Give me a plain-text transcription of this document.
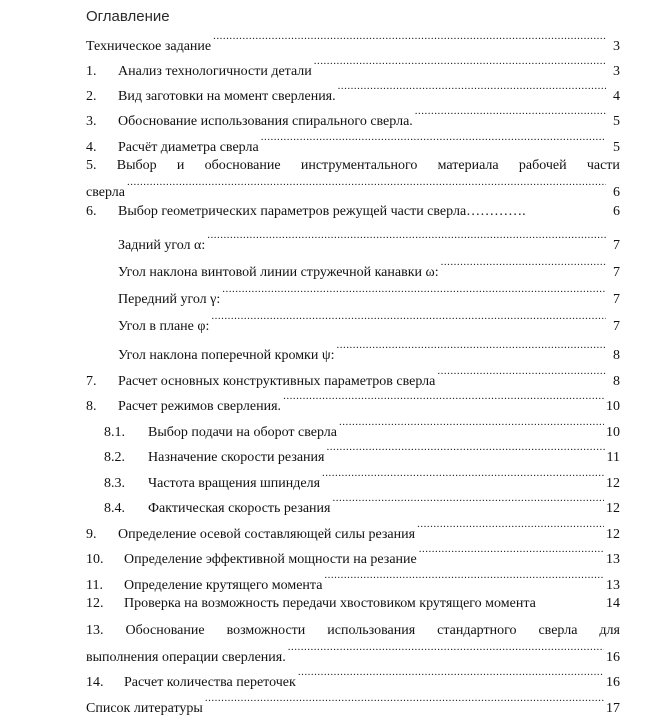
Оглавление
Техническое задание .....	3
1.	Анализ технологичности детали .....	3
2.	Вид заготовки на момент сверления. .....	4
3.	Обоснование использования спирального сверла. .....	5
4.	Расчёт диаметра сверла .....	5
5. Выбор и обоснование инструментального материала рабочей части
сверла .....	6
6.	Выбор геометрических параметров режущей части сверла………….	6
Задний угол α: .....	7
Угол наклона винтовой линии стружечной канавки ω: .....	7
Передний угол γ: .....	7
Угол в плане φ: .....	7
Угол наклона поперечной кромки ψ: .....	8
7.	Расчет основных конструктивных параметров сверла .....	8
8.	Расчет режимов сверления. .....	10
8.1.	Выбор подачи на оборот сверла .....	10
8.2.	Назначение скорости резания .....	11
8.3.	Частота вращения шпинделя .....	12
8.4.	Фактическая скорость резания .....	12
9.	Определение осевой составляющей силы резания .....	12
10.	Определение эффективной мощности на резание .....	13
11.	Определение крутящего момента .....	13
12.	Проверка на возможность передачи хвостовиком крутящего момента	14
13. Обоснование возможности использования стандартного сверла для
выполнения операции сверления. .....	16
14.	Расчет количества переточек .....	16
Список литературы .....	17
